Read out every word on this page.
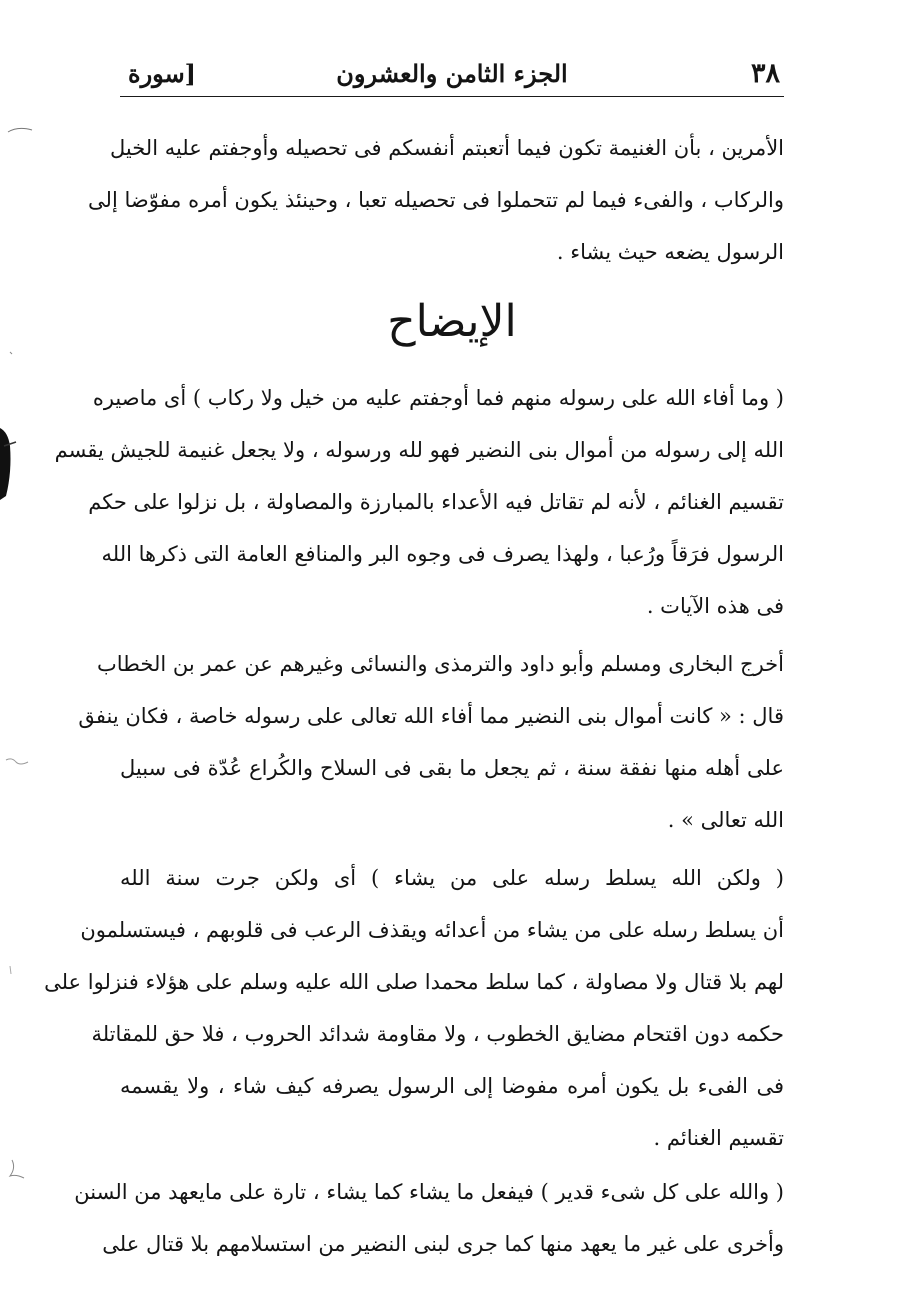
٣٨
الجزء الثامن والعشرون
[سورة
الأمرين ، بأن الغنيمة تكون فيما أتعبتم أنفسكم فى تحصيله وأوجفتم عليه الخيل
والركاب ، والفىء فيما لم تتحملوا فى تحصيله تعبا ، وحينئذ يكون أمره مفوّضا إلى
الرسول يضعه حيث يشاء .
الإيضاح
( وما أفاء الله على رسوله منهم فما أوجفتم عليه من خيل ولا ركاب ) أى ماصيره
الله إلى رسوله من أموال بنى النضير فهو لله ورسوله ، ولا يجعل غنيمة للجيش يقسم
تقسيم الغنائم ، لأنه لم تقاتل فيه الأعداء بالمبارزة والمصاولة ، بل نزلوا على حكم
الرسول فرَقاً ورُعبا ، ولهذا يصرف فى وجوه البر والمنافع العامة التى ذكرها الله
فى هذه الآيات .
أخرج البخارى ومسلم وأبو داود والترمذى والنسائى وغيرهم عن عمر بن الخطاب
قال : « كانت أموال بنى النضير مما أفاء الله تعالى على رسوله خاصة ، فكان ينفق
على أهله منها نفقة سنة ، ثم يجعل ما بقى فى السلاح والكُراع عُدّة فى سبيل
الله تعالى » .
( ولكن الله يسلط رسله على من يشاء ) أى ولكن جرت سنة الله
أن يسلط رسله على من يشاء من أعدائه ويقذف الرعب فى قلوبهم ، فيستسلمون
لهم بلا قتال ولا مصاولة ، كما سلط محمدا صلى الله عليه وسلم على هؤلاء فنزلوا على
حكمه دون اقتحام مضايق الخطوب ، ولا مقاومة شدائد الحروب ، فلا حق للمقاتلة
فى الفىء بل يكون أمره مفوضا إلى الرسول يصرفه كيف شاء ، ولا يقسمه
تقسيم الغنائم .
( والله على كل شىء قدير ) فيفعل ما يشاء كما يشاء ، تارة على مايعهد من السنن
وأخرى على غير ما يعهد منها كما جرى لبنى النضير من استسلامهم بلا قتال على
